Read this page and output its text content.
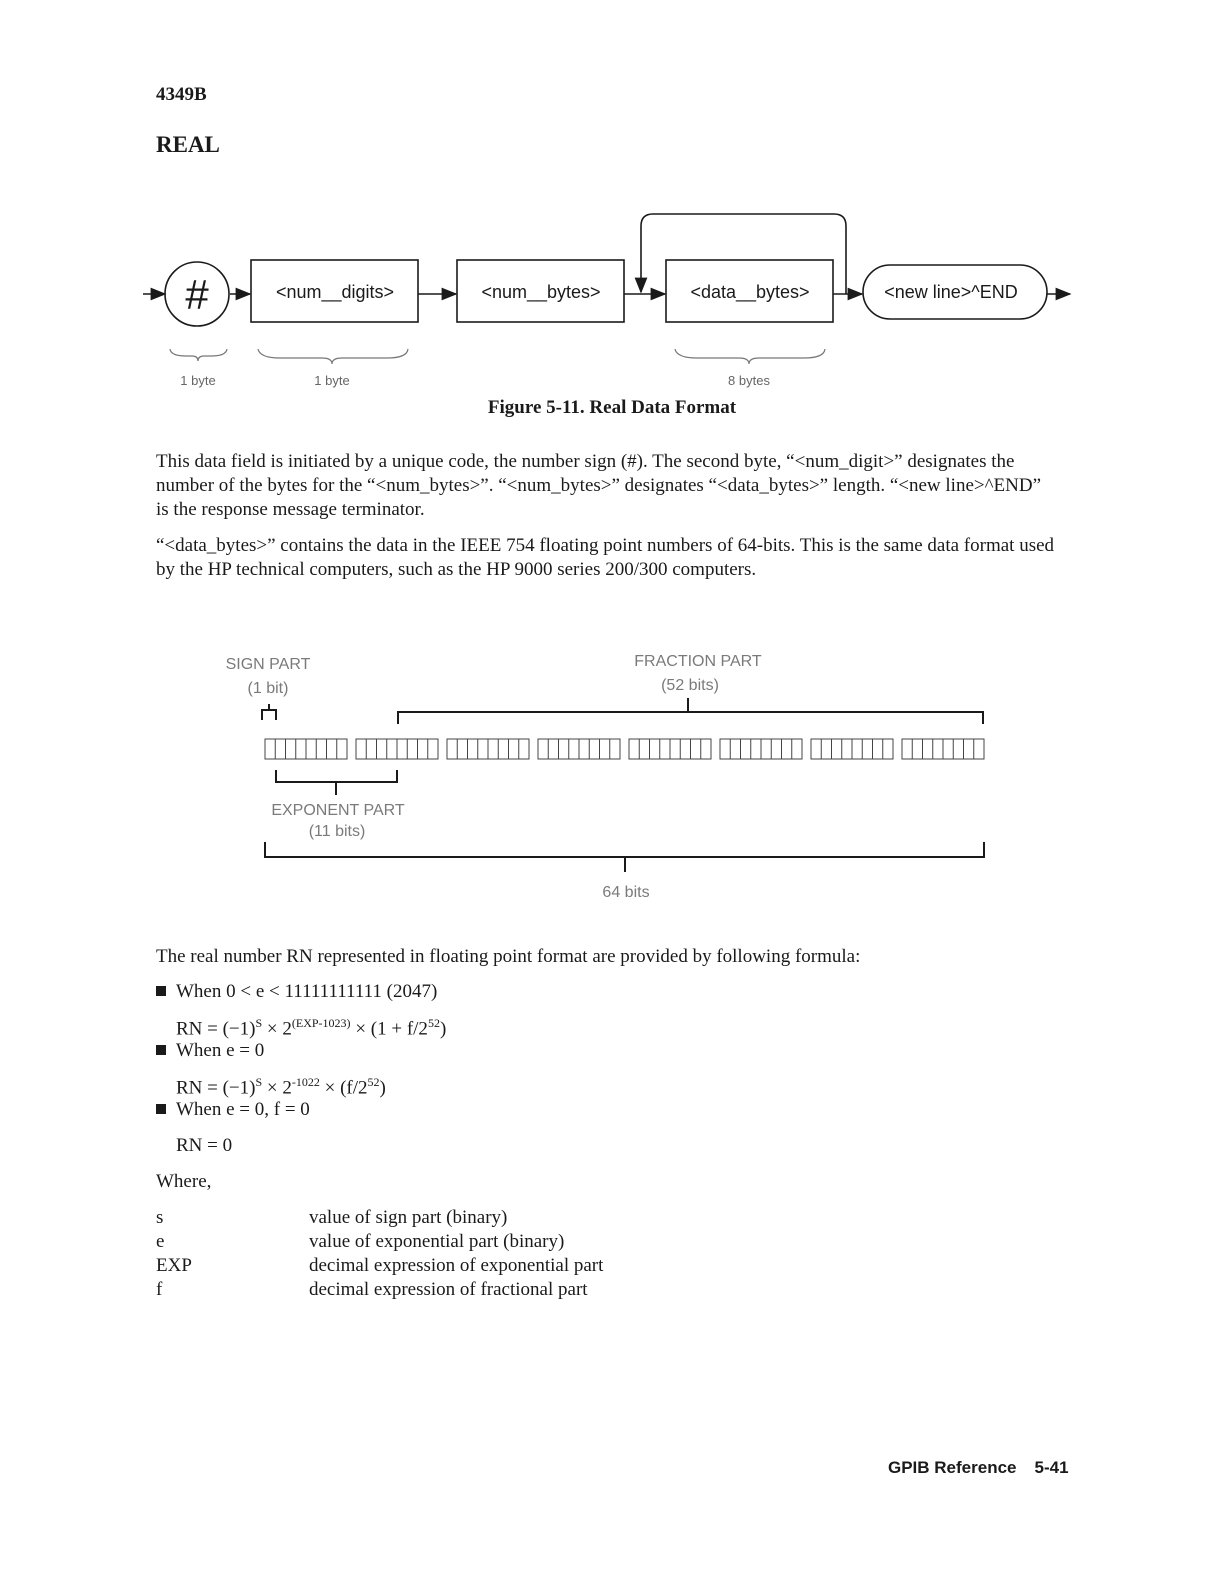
4349B
REAL
#	<num__digits>	<num__bytes>	<data__bytes>	<new line>^END
1 byte	1 byte	8 bytes
SIGN PART
(1 bit)
FRACTION PART
(52 bits)
EXPONENT PART
(11 bits)
64 bits
Figure 5-11. Real Data Format

This data field is initiated by a unique code, the number sign (#). The second byte, “<num_digit>” designates the number of the bytes for the “<num_bytes>”. “<num_bytes>” designates “<data_bytes>” length. “<new line>^END” is the response message terminator.

“<data_bytes>” contains the data in the IEEE 754 floating point numbers of 64-bits. This is the same data format used by the HP technical computers, such as the HP 9000 series 200/300 computers.

The real number RN represented in floating point format are provided by following formula:
When 0 < e < 11111111111 (2047)
RN = $(-1)^S \times 2^{(EXP-1023)} \times (1 + f/2^{52})$
When e = 0
RN = $(-1)^S \times 2^{-1022} \times (f/2^{52})$
When e = 0, f = 0
RN = 0
Where,
s	value of sign part (binary)
e	value of exponential part (binary)
EXP	decimal expression of exponential part
f	decimal expression of fractional part
GPIB Reference 5-41
